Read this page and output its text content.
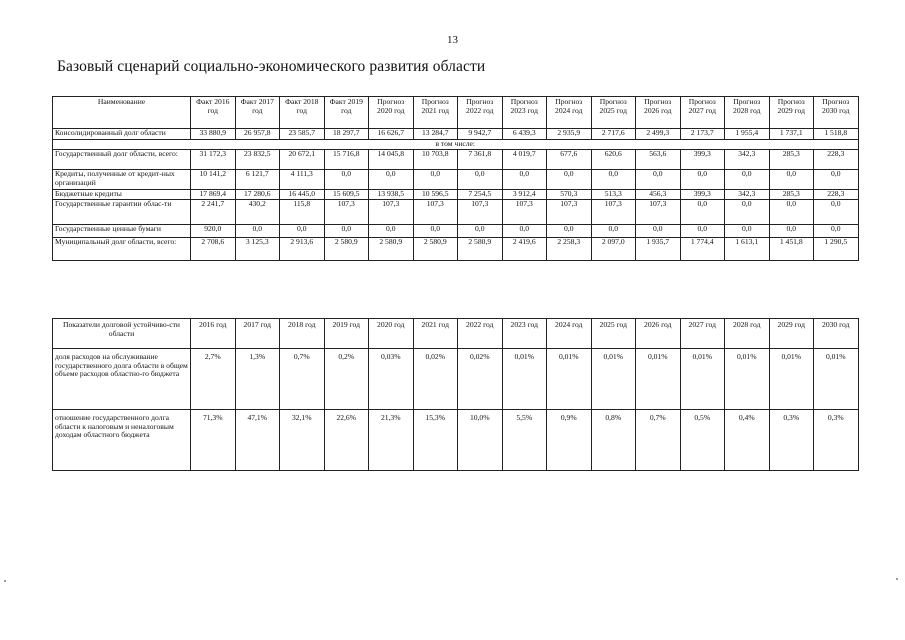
13
Базовый сценарий социально-экономического развития области
Наименование	Факт 2016 год	Факт 2017 год	Факт 2018 год	Факт 2019 год	Прогноз 2020 год	Прогноз 2021 год	Прогноз 2022 год	Прогноз 2023 год	Прогноз 2024 год	Прогноз 2025 год	Прогноз 2026 год	Прогноз 2027 год	Прогноз 2028 год	Прогноз 2029 год	Прогноз 2030 год
Консолидированный долг области	33 880,9	26 957,8	23 585,7	18 297,7	16 626,7	13 284,7	9 942,7	6 439,3	2 935,9	2 717,6	2 499,3	2 173,7	1 955,4	1 737,1	1 518,8
в том числе:															
Государственный долг области, всего:	31 172,3	23 832,5	20 672,1	15 716,8	14 045,8	10 703,8	7 361,8	4 019,7	677,6	620,6	563,6	399,3	342,3	285,3	228,3
Кредиты, полученные от кредит-ных организаций	10 141,2	6 121,7	4 111,3	0,0	0,0	0,0	0,0	0,0	0,0	0,0	0,0	0,0	0,0	0,0	0,0
Бюджетные кредиты	17 869,4	17 280,6	16 445,0	15 609,5	13 938,5	10 596,5	7 254,5	3 912,4	570,3	513,3	456,3	399,3	342,3	285,3	228,3
Государственные гарантии облас-ти	2 241,7	430,2	115,8	107,3	107,3	107,3	107,3	107,3	107,3	107,3	107,3	0,0	0,0	0,0	0,0
Государственные ценные бумаги	920,0	0,0	0,0	0,0	0,0	0,0	0,0	0,0	0,0	0,0	0,0	0,0	0,0	0,0	0,0
Муниципальный долг области, всего:	2 708,6	3 125,3	2 913,6	2 580,9	2 580,9	2 580,9	2 580,9	2 419,6	2 258,3	2 097,0	1 935,7	1 774,4	1 613,1	1 451,8	1 290,5
Показатели долговой устойчиво-сти области	2016 год	2017 год	2018 год	2019 год	2020 год	2021 год	2022 год	2023 год	2024 год	2025 год	2026 год	2027 год	2028 год	2029 год	2030 год
доля расходов на обслуживание государственного долга области в общем объеме расходов областно-го бюджета	2,7%	1,3%	0,7%	0,2%	0,03%	0,02%	0,02%	0,01%	0,01%	0,01%	0,01%	0,01%	0,01%	0,01%	0,01%
отношение государственного долга области к налоговым и неналоговым доходам областного бюджета	71,3%	47,1%	32,1%	22,6%	21,3%	15,3%	10,0%	5,5%	0,9%	0,8%	0,7%	0,5%	0,4%	0,3%	0,3%
